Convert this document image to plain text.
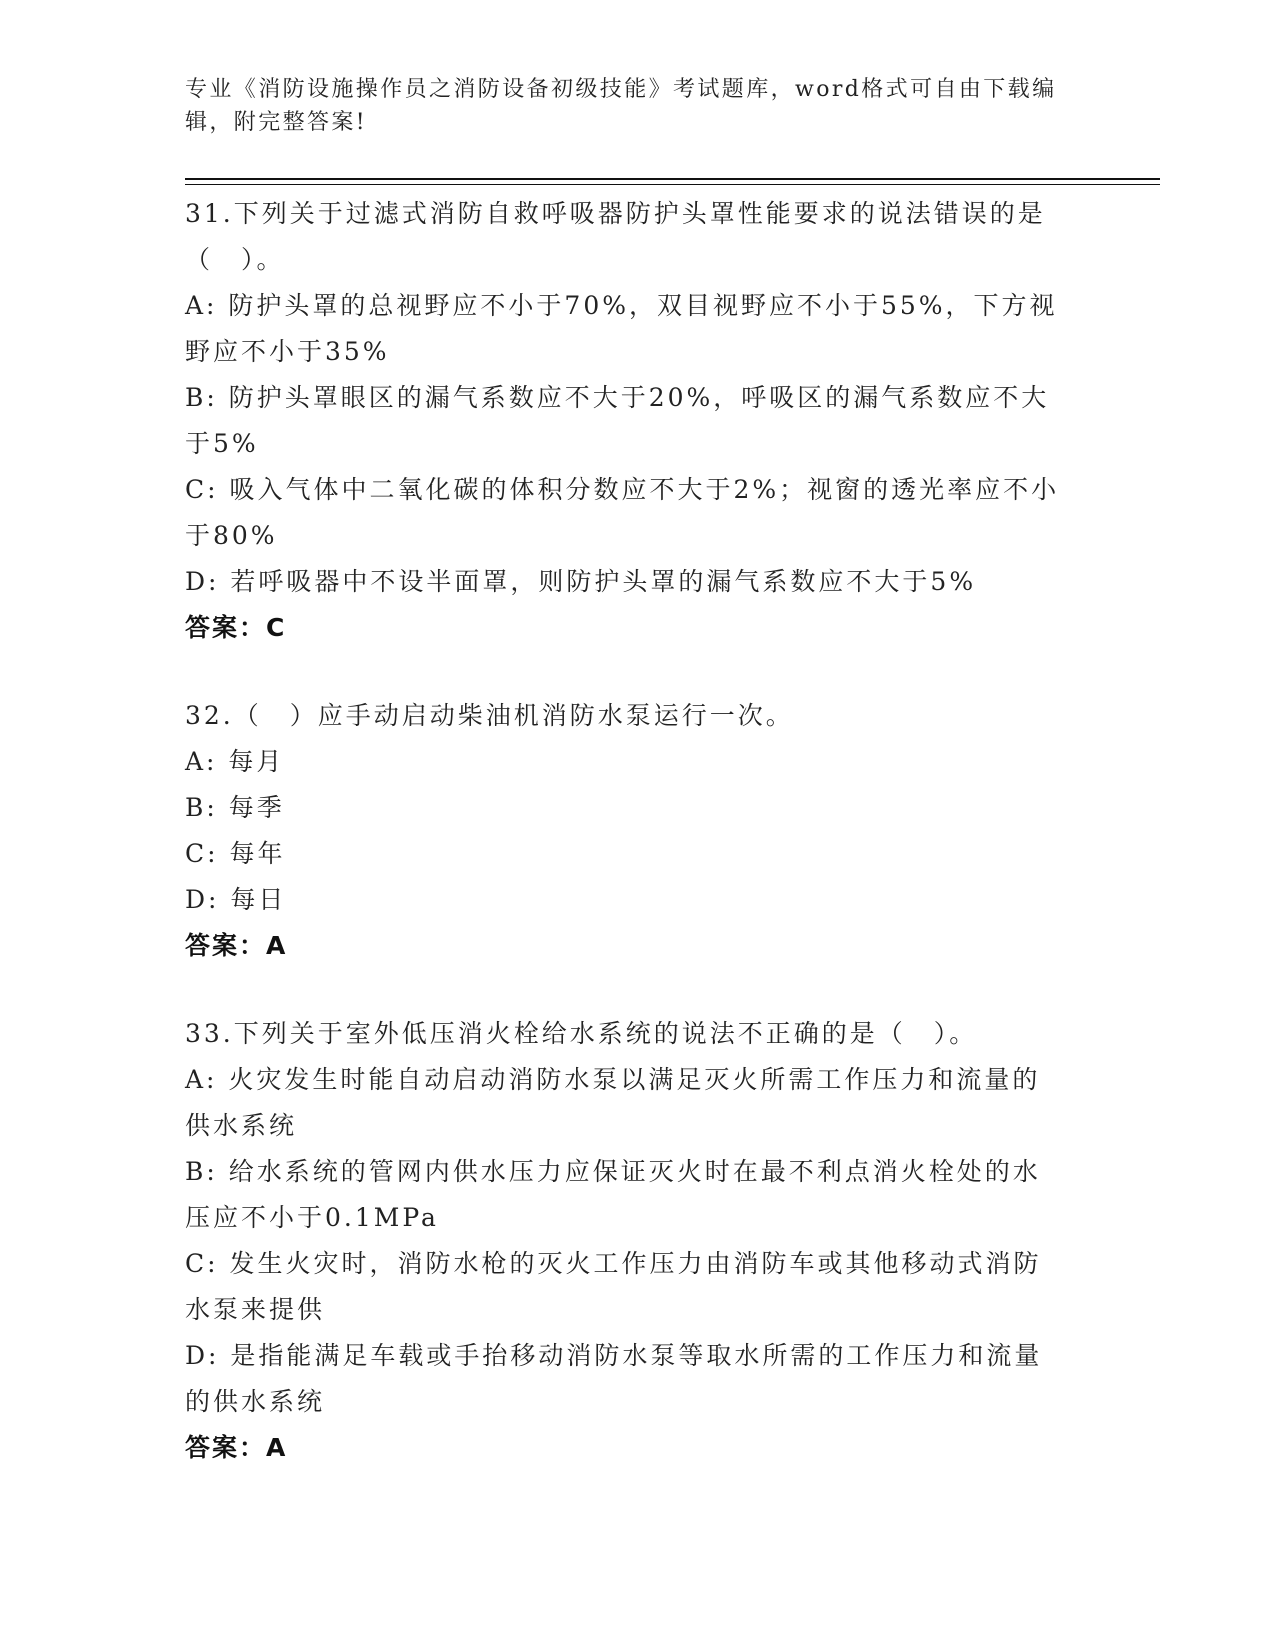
专业《消防设施操作员之消防设备初级技能》考试题库，word格式可自由下载编
辑，附完整答案!
31.下列关于过滤式消防自救呼吸器防护头罩性能要求的说法错误的是
（　）。
A: 防护头罩的总视野应不小于70%，双目视野应不小于55%，下方视
野应不小于35%
B: 防护头罩眼区的漏气系数应不大于20%，呼吸区的漏气系数应不大
于5%
C: 吸入气体中二氧化碳的体积分数应不大于2%；视窗的透光率应不小
于80%
D: 若呼吸器中不设半面罩，则防护头罩的漏气系数应不大于5%
答案：C
32.（　）应手动启动柴油机消防水泵运行一次。
A: 每月
B: 每季
C: 每年
D: 每日
答案：A
33.下列关于室外低压消火栓给水系统的说法不正确的是（　）。
A: 火灾发生时能自动启动消防水泵以满足灭火所需工作压力和流量的
供水系统
B: 给水系统的管网内供水压力应保证灭火时在最不利点消火栓处的水
压应不小于0.1MPa
C: 发生火灾时，消防水枪的灭火工作压力由消防车或其他移动式消防
水泵来提供
D: 是指能满足车载或手抬移动消防水泵等取水所需的工作压力和流量
的供水系统
答案：A
